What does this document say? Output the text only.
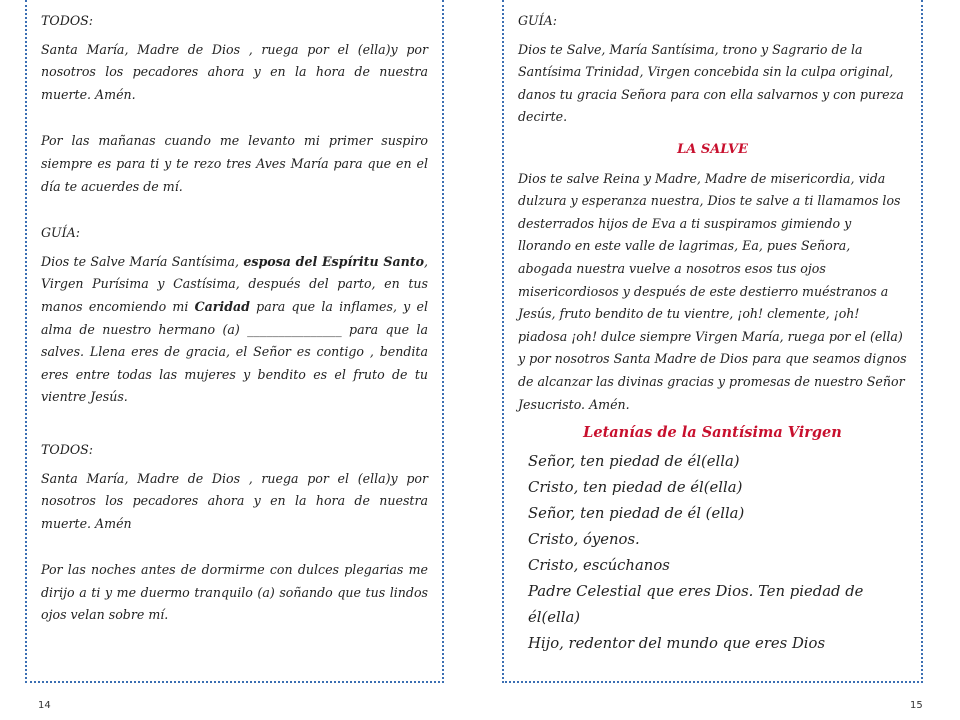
TODOS:

Santa María, Madre de Dios , ruega por el (ella)y por nosotros los pecadores ahora y en la hora de nuestra muerte. Amén.

Por las mañanas cuando me levanto mi primer suspiro siempre es para ti y te rezo tres Aves María para que en el día te acuerdes de mí.

GUÍA:

Dios te Salve María Santísima, esposa del Espíritu Santo, Virgen Purísima y Castísima, después del parto, en tus manos encomiendo mi Caridad para que la inflames, y el alma de nuestro hermano (a) _______________ para que la salves. Llena eres de gracia, el Señor es contigo , bendita eres entre todas las mujeres y bendito es el fruto de tu vientre Jesús.

TODOS:

Santa María, Madre de Dios , ruega por el (ella)y por nosotros los pecadores ahora y en la hora de nuestra muerte. Amén

Por las noches antes de dormirme con dulces plegarias me dirijo a ti y me duermo tranquilo (a) soñando que tus lindos ojos velan sobre mí.

GUÍA:

Dios te Salve, María Santísima, trono y Sagrario de la Santísima Trinidad, Virgen concebida sin la culpa original, danos tu gracia Señora para con ella salvarnos y con pureza decirte.

LA SALVE

Dios te salve Reina y Madre, Madre de misericordia, vida dulzura y esperanza nuestra, Dios te salve a ti llamamos los desterrados hijos de Eva a ti suspiramos gimiendo y llorando en este valle de lagrimas, Ea, pues Señora, abogada nuestra vuelve a nosotros esos tus ojos misericordiosos y después de este destierro muéstranos a Jesús, fruto bendito de tu vientre, ¡oh! clemente, ¡oh! piadosa ¡oh! dulce siempre Virgen María, ruega por el (ella) y por nosotros Santa Madre de Dios para que seamos dignos de alcanzar las divinas gracias y promesas de nuestro Señor Jesucristo. Amén.

Letanías de la Santísima Virgen

Señor, ten piedad de él(ella)

Cristo, ten piedad de él(ella)

Señor, ten piedad de él (ella)

Cristo, óyenos.

Cristo, escúchanos

Padre Celestial que eres Dios. Ten piedad de él(ella)

Hijo, redentor del mundo que eres Dios

14	15
